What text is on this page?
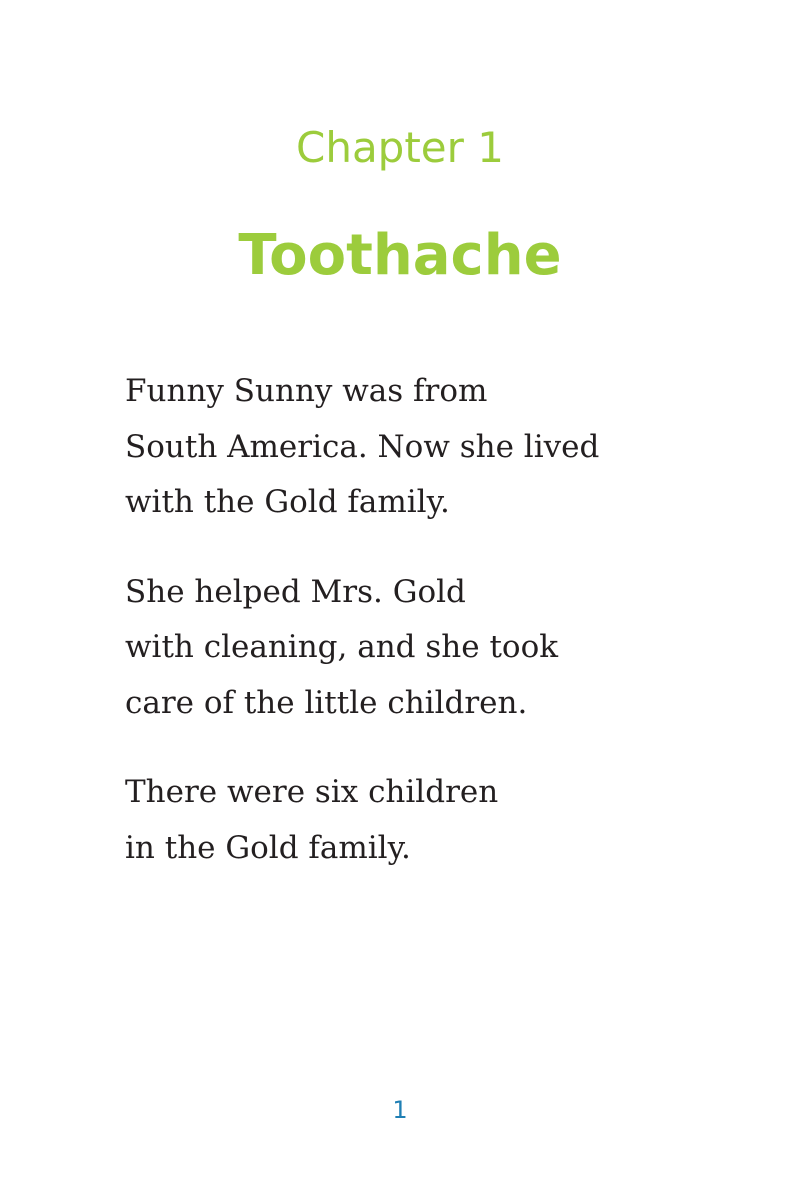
Chapter 1
Toothache

Funny Sunny was from
South America. Now she lived
with the Gold family.

She helped Mrs. Gold
with cleaning, and she took
care of the little children.

There were six children
in the Gold family.

1
